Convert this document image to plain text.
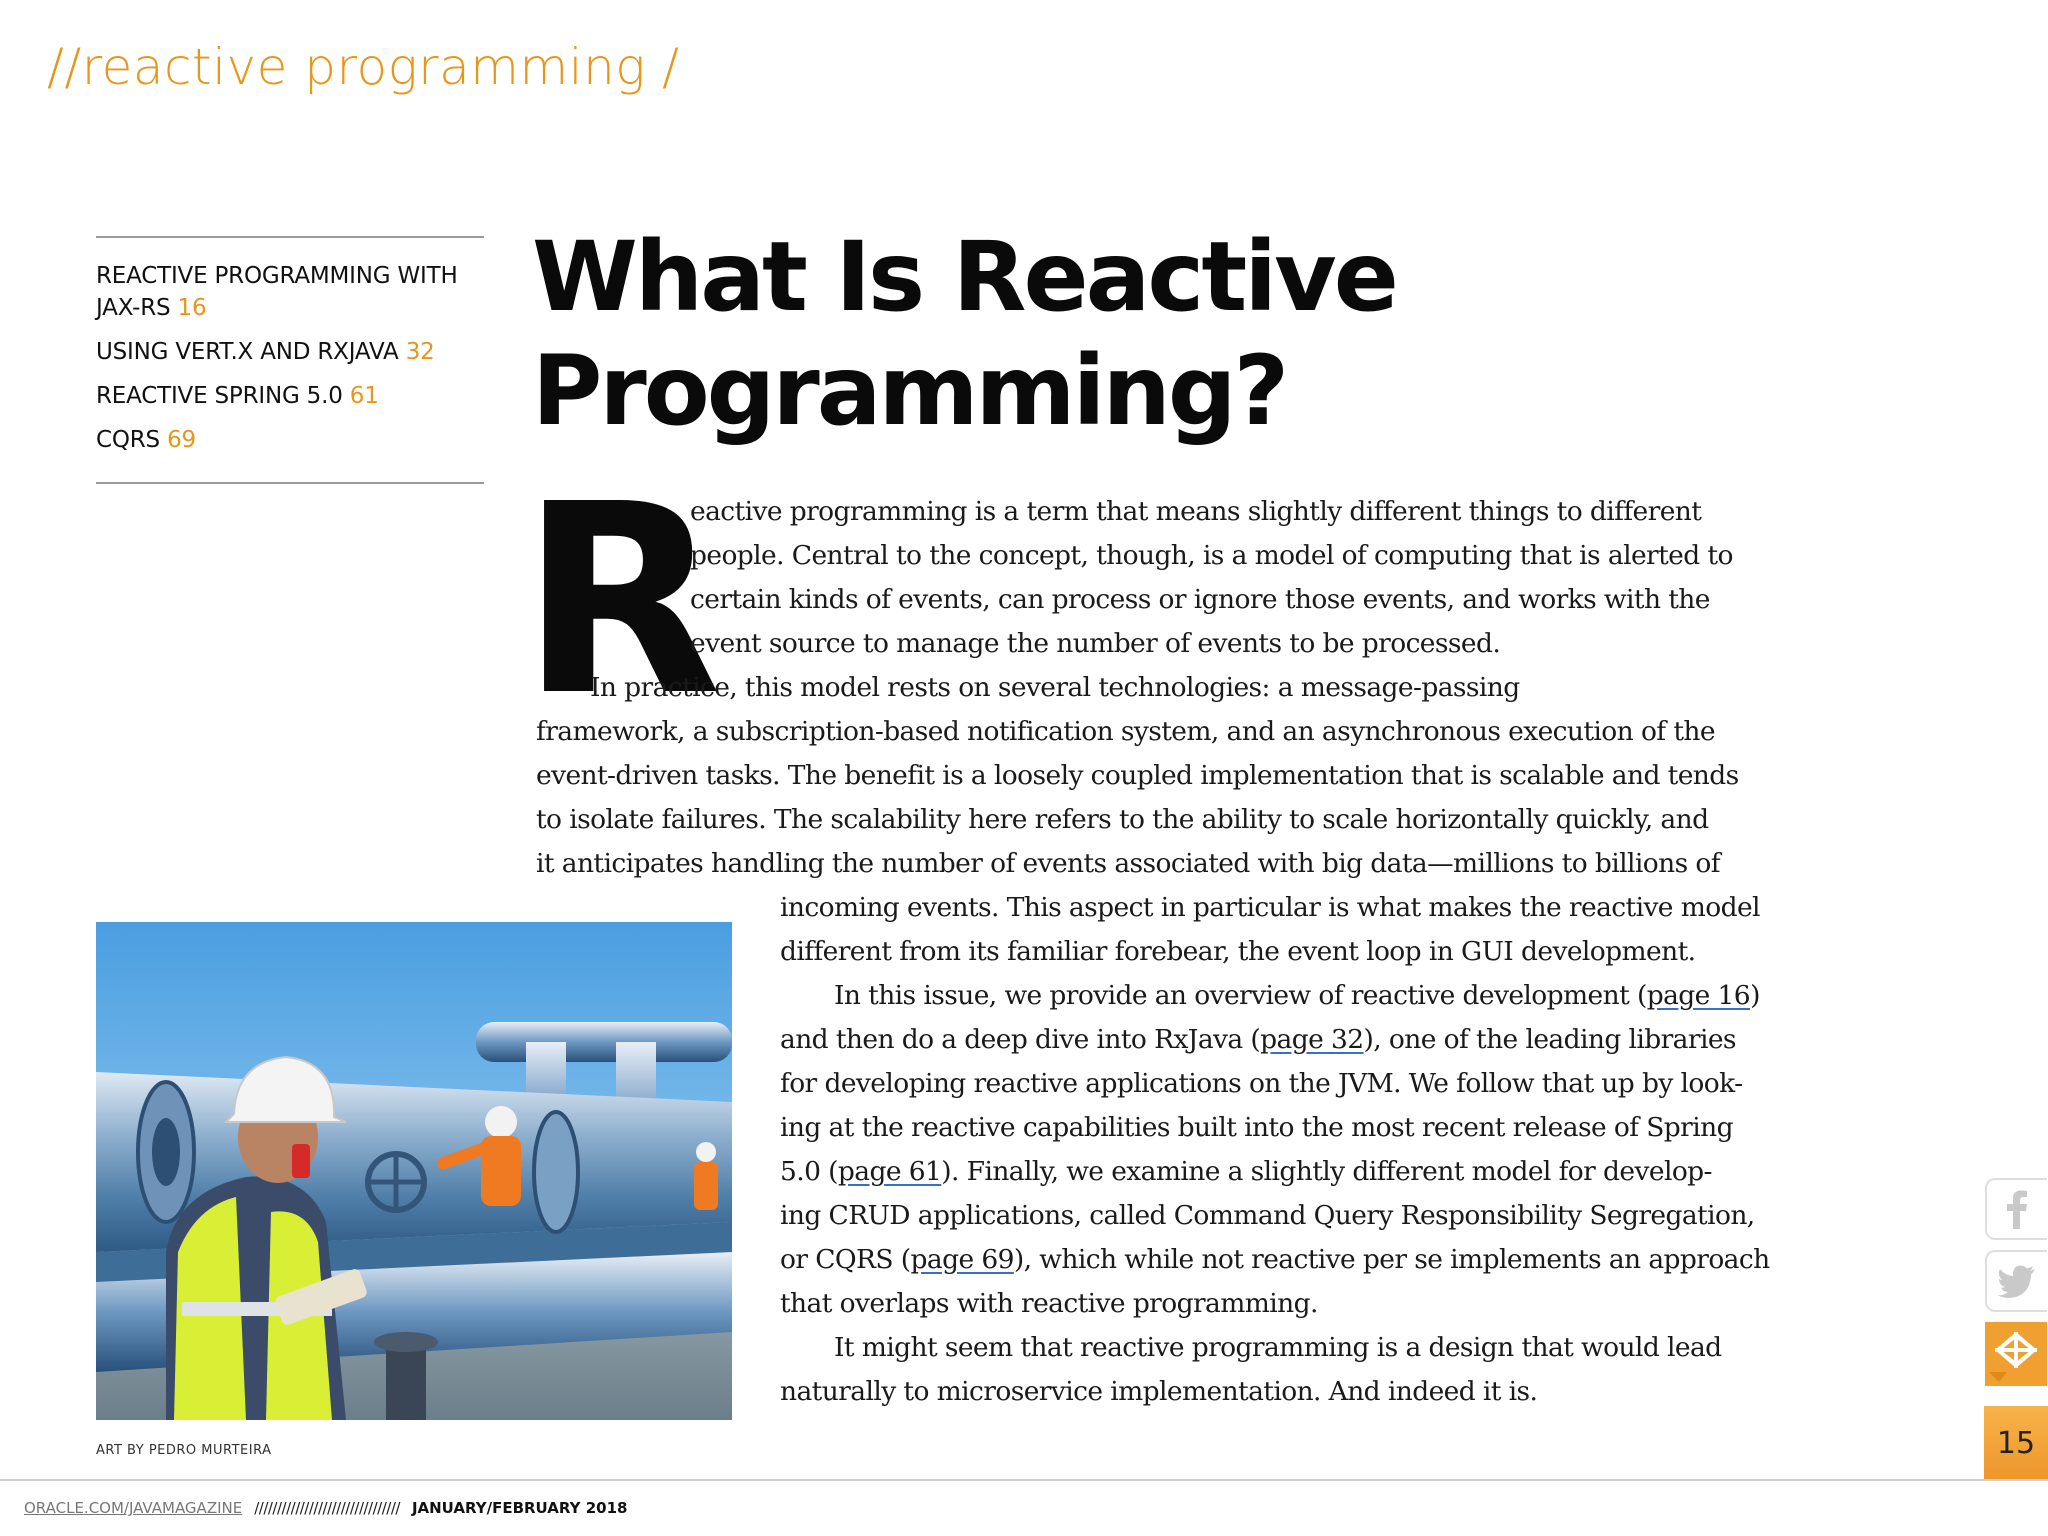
//reactive programming /
REACTIVE PROGRAMMING WITH
JAX-RS 16
USING VERT.X AND RXJAVA 32
REACTIVE SPRING 5.0 61
CQRS 69
What Is Reactive
Programming?
R
eactive programming is a term that means slightly different things to different
people. Central to the concept, though, is a model of computing that is alerted to
certain kinds of events, can process or ignore those events, and works with the
event source to manage the number of events to be processed.
In practice, this model rests on several technologies: a message-passing
framework, a subscription-based notification system, and an asynchronous execution of the
event-driven tasks. The benefit is a loosely coupled implementation that is scalable and tends
to isolate failures. The scalability here refers to the ability to scale horizontally quickly, and
it anticipates handling the number of events associated with big data—millions to billions of
incoming events. This aspect in particular is what makes the reactive model
different from its familiar forebear, the event loop in GUI development.
In this issue, we provide an overview of reactive development (page 16)
and then do a deep dive into RxJava (page 32), one of the leading libraries
for developing reactive applications on the JVM. We follow that up by look-
ing at the reactive capabilities built into the most recent release of Spring
5.0 (page 61). Finally, we examine a slightly different model for develop-
ing CRUD applications, called Command Query Responsibility Segregation,
or CQRS (page 69), which while not reactive per se implements an approach
that overlaps with reactive programming.
It might seem that reactive programming is a design that would lead
naturally to microservice implementation. And indeed it is.
ART BY PEDRO MURTEIRA	15
ORACLE.COM/JAVAMAGAZINE //////////////////////////////// JANUARY/FEBRUARY 2018
